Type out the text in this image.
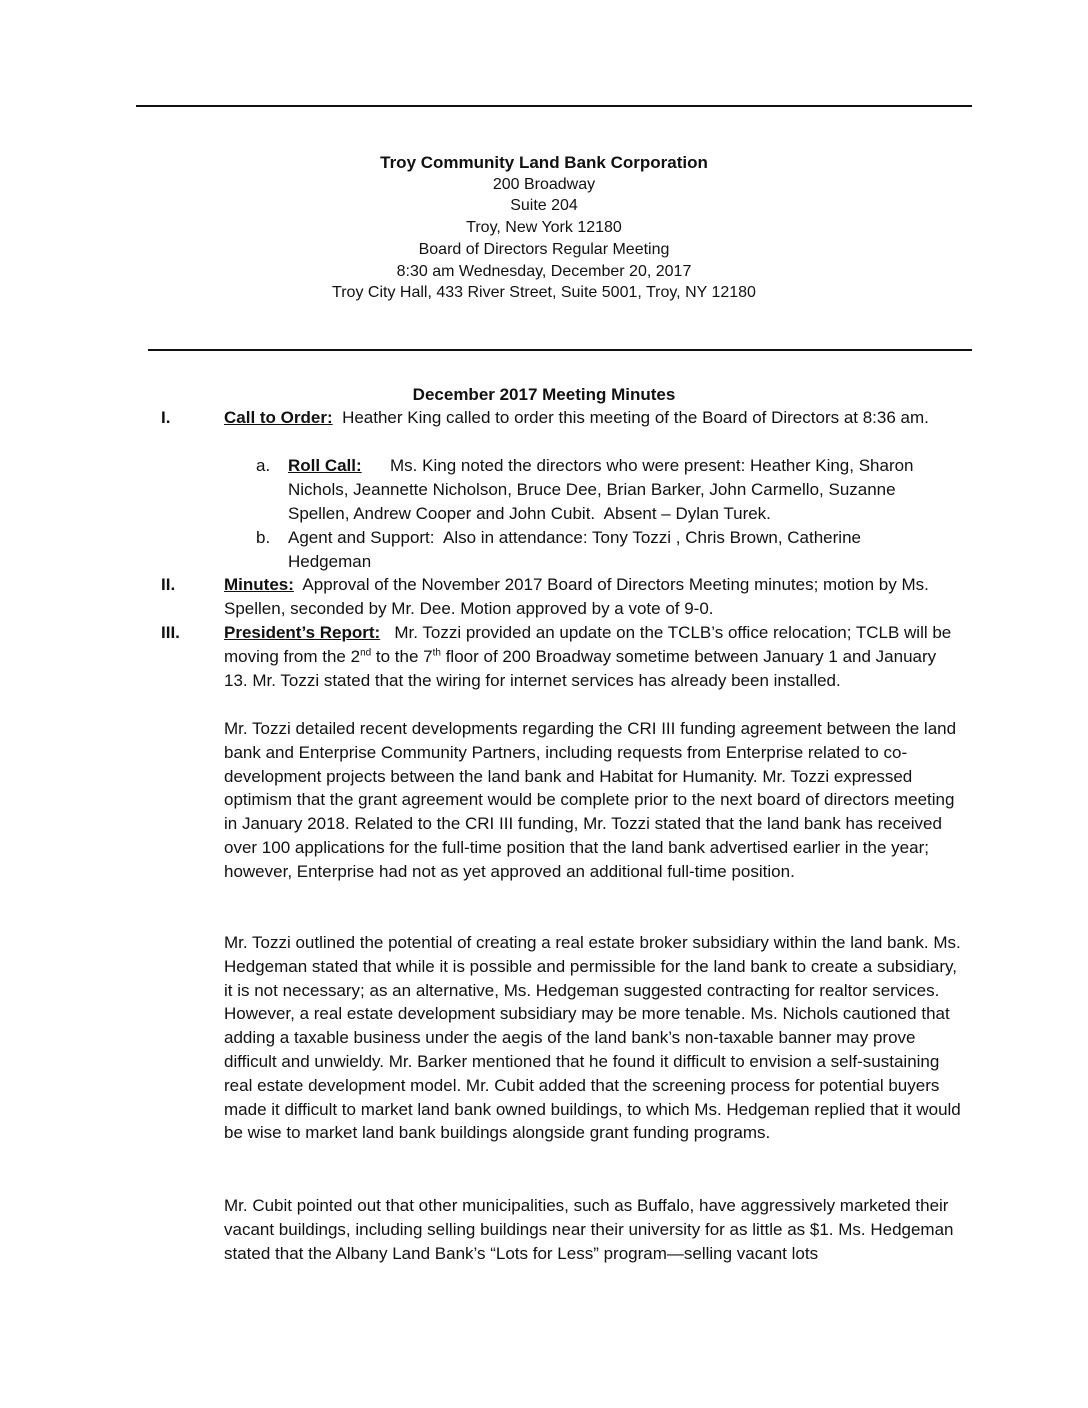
Troy Community Land Bank Corporation
200 Broadway
Suite 204
Troy, New York 12180
Board of Directors Regular Meeting
8:30 am Wednesday, December 20, 2017
Troy City Hall, 433 River Street, Suite 5001, Troy, NY 12180
December 2017 Meeting Minutes
I.	Call to Order:  Heather King called to order this meeting of the Board of Directors at 8:36 am.
a. Roll Call:      Ms. King noted the directors who were present: Heather King, Sharon Nichols, Jeannette Nicholson, Bruce Dee, Brian Barker, John Carmello, Suzanne Spellen, Andrew Cooper and John Cubit.  Absent – Dylan Turek.
b. Agent and Support:  Also in attendance: Tony Tozzi , Chris Brown, Catherine Hedgeman
II.	Minutes:  Approval of the November 2017 Board of Directors Meeting minutes; motion by Ms. Spellen, seconded by Mr. Dee. Motion approved by a vote of 9-0.
III.	President’s Report:   Mr. Tozzi provided an update on the TCLB’s office relocation; TCLB will be moving from the 2nd to the 7th floor of 200 Broadway sometime between January 1 and January 13. Mr. Tozzi stated that the wiring for internet services has already been installed.
Mr. Tozzi detailed recent developments regarding the CRI III funding agreement between the land bank and Enterprise Community Partners, including requests from Enterprise related to co-development projects between the land bank and Habitat for Humanity. Mr. Tozzi expressed optimism that the grant agreement would be complete prior to the next board of directors meeting in January 2018. Related to the CRI III funding, Mr. Tozzi stated that the land bank has received over 100 applications for the full-time position that the land bank advertised earlier in the year; however, Enterprise had not as yet approved an additional full-time position.
Mr. Tozzi outlined the potential of creating a real estate broker subsidiary within the land bank. Ms. Hedgeman stated that while it is possible and permissible for the land bank to create a subsidiary, it is not necessary; as an alternative, Ms. Hedgeman suggested contracting for realtor services. However, a real estate development subsidiary may be more tenable. Ms. Nichols cautioned that adding a taxable business under the aegis of the land bank’s non-taxable banner may prove difficult and unwieldy. Mr. Barker mentioned that he found it difficult to envision a self-sustaining real estate development model. Mr. Cubit added that the screening process for potential buyers made it difficult to market land bank owned buildings, to which Ms. Hedgeman replied that it would be wise to market land bank buildings alongside grant funding programs.
Mr. Cubit pointed out that other municipalities, such as Buffalo, have aggressively marketed their vacant buildings, including selling buildings near their university for as little as $1. Ms. Hedgeman stated that the Albany Land Bank’s “Lots for Less” program—selling vacant lots
